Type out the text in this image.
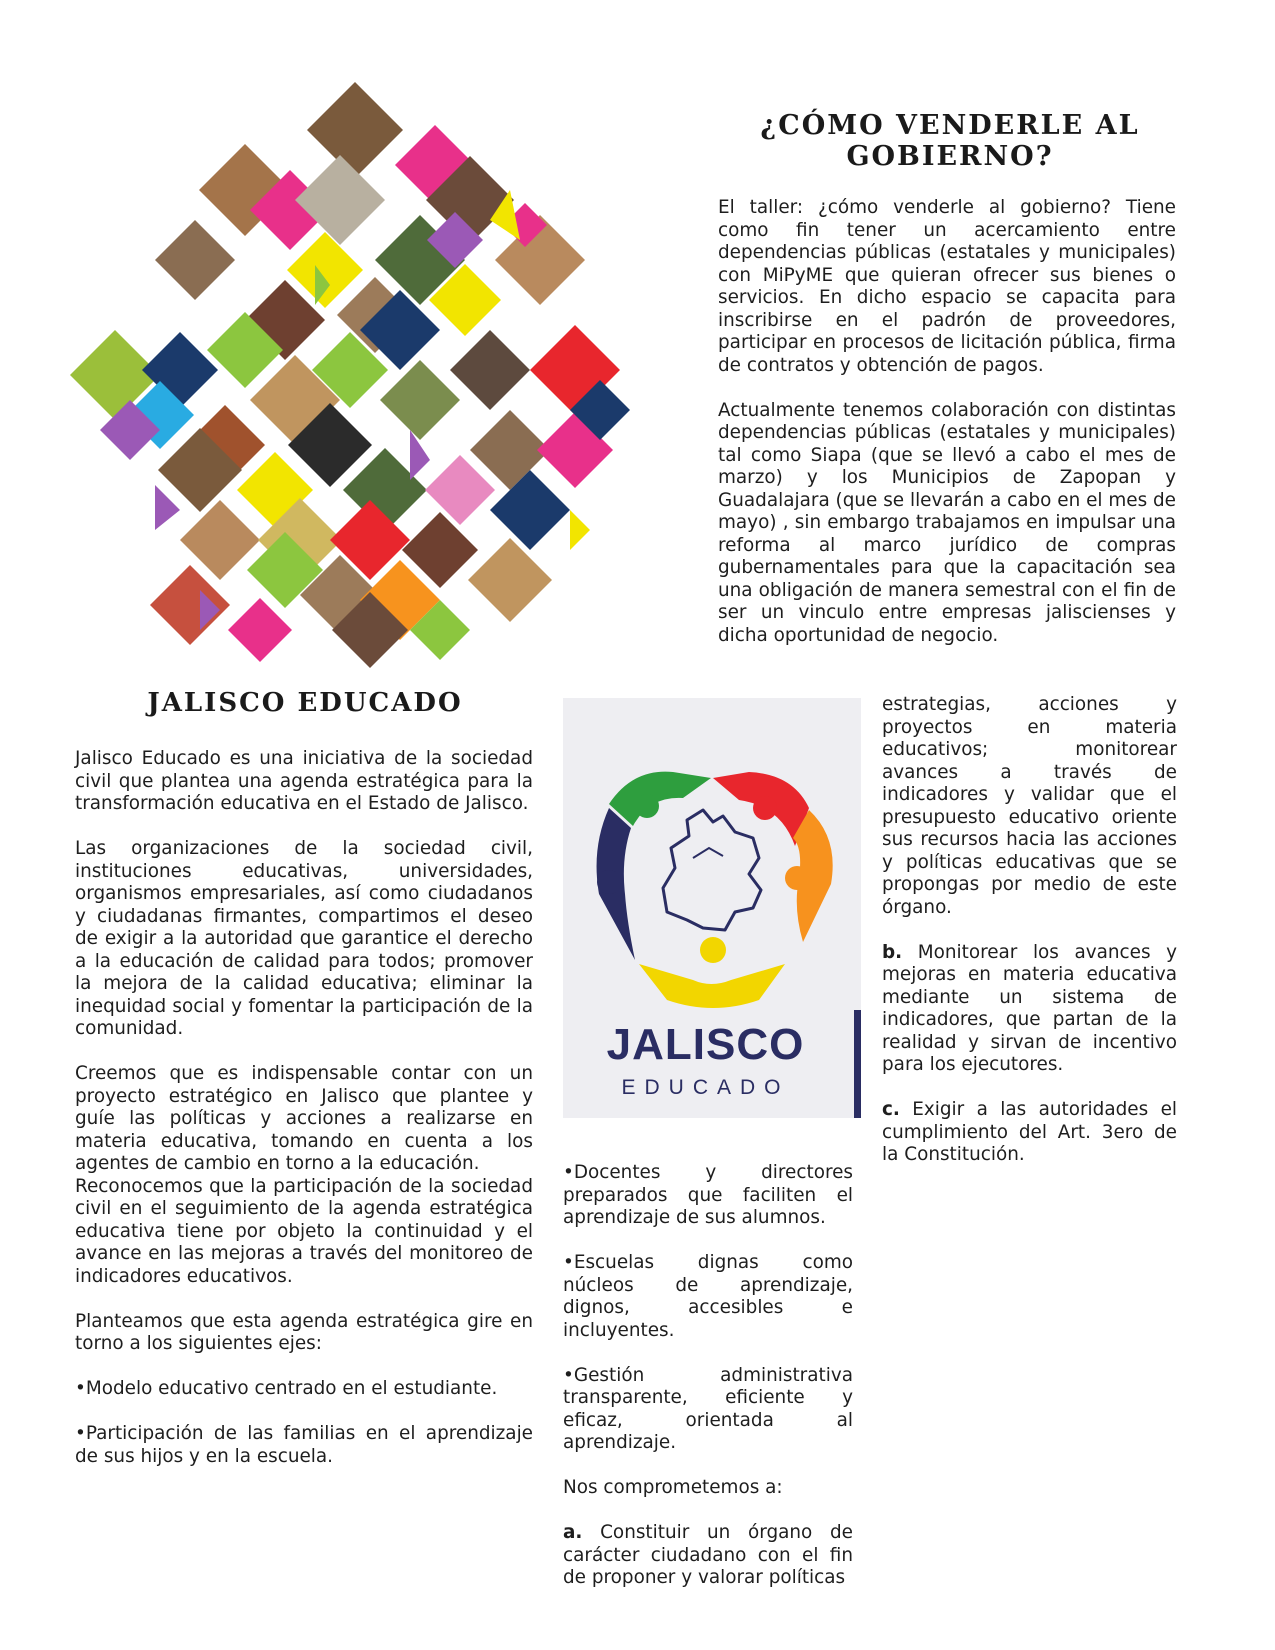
¿CÓMO VENDERLE AL
GOBIERNO?

El taller: ¿cómo venderle al gobierno? Tiene como fin tener un acercamiento entre dependencias públicas (estatales y municipales) con MiPyME que quieran ofrecer sus bienes o servicios. En dicho espacio se capacita para inscribirse en el padrón de proveedores, participar en procesos de licitación pública, firma de contratos y obtención de pagos.

Actualmente tenemos colaboración con distintas dependencias públicas (estatales y municipales) tal como Siapa (que se llevó a cabo el mes de marzo) y los Municipios de Zapopan y Guadalajara (que se llevarán a cabo en el mes de mayo) , sin embargo trabajamos en impulsar una reforma al marco jurídico de compras gubernamentales para que la capacitación sea una obligación de manera semestral con el fin de ser un vinculo entre empresas jaliscienses y dicha oportunidad de negocio.

JALISCO EDUCADO

Jalisco Educado es una iniciativa de la sociedad civil que plantea una agenda estratégica para la transformación educativa en el Estado de Jalisco.

Las organizaciones de la sociedad civil, instituciones educativas, universidades, organismos empresariales, así como ciudadanos y ciudadanas firmantes, compartimos el deseo de exigir a la autoridad que garantice el derecho a la educación de calidad para todos; promover la mejora de la calidad educativa; eliminar la inequidad social y fomentar la participación de la comunidad.

Creemos que es indispensable contar con un proyecto estratégico en Jalisco que plantee y guíe las políticas y acciones a realizarse en materia educativa, tomando en cuenta a los agentes de cambio en torno a la educación.

Reconocemos que la participación de la sociedad civil en el seguimiento de la agenda estratégica educativa tiene por objeto la continuidad y el avance en las mejoras a través del monitoreo de indicadores educativos.

Planteamos que esta agenda estratégica gire en torno a los siguientes ejes:

•Modelo educativo centrado en el estudiante.

•Participación de las familias en el aprendizaje de sus hijos y en la escuela.

JALISCO
EDUCADO

•Docentes y directores preparados que faciliten el aprendizaje de sus alumnos.

•Escuelas dignas como núcleos de aprendizaje, dignos, accesibles e incluyentes.

•Gestión administrativa transparente, eficiente y eficaz, orientada al aprendizaje.

Nos comprometemos a:

a. Constituir un órgano de carácter ciudadano con el fin de proponer y valorar políticas

estrategias, acciones y proyectos en materia educativos; monitorear avances a través de indicadores y validar que el presupuesto educativo oriente sus recursos hacia las acciones y políticas educativas que se propongas por medio de este órgano.

b. Monitorear los avances y mejoras en materia educativa mediante un sistema de indicadores, que partan de la realidad y sirvan de incentivo para los ejecutores.

c. Exigir a las autoridades el cumplimiento del Art. 3ero de la Constitución.
